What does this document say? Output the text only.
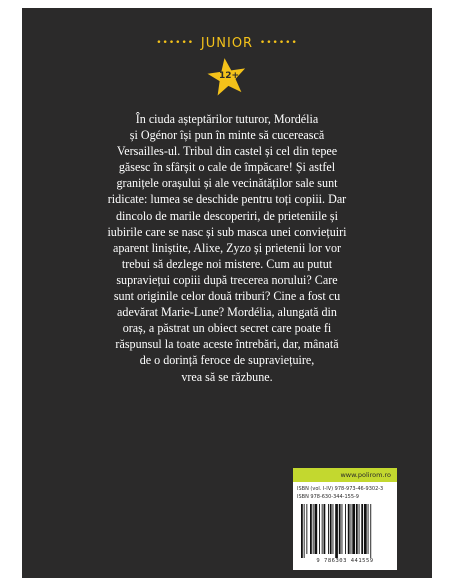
•••••• JUNIOR ••••••
12+

În ciuda așteptărilor tuturor, Mordélia
și Ogénor își pun în minte să cucerească
Versailles-ul. Tribul din castel și cel din tepee
găsesc în sfârșit o cale de împăcare! Și astfel
granițele orașului și ale vecinătăților sale sunt
ridicate: lumea se deschide pentru toți copiii. Dar
dincolo de marile descoperiri, de prieteniile și
iubirile care se nasc și sub masca unei conviețuiri
aparent liniștite, Alixe, Zyzo și prietenii lor vor
trebui să dezlege noi mistere. Cum au putut
supraviețui copiii după trecerea norului? Care
sunt originile celor două triburi? Cine a fost cu
adevărat Marie-Lune? Mordélia, alungată din
oraș, a păstrat un obiect secret care poate fi
răspunsul la toate aceste întrebări, dar, mânată
de o dorință feroce de supraviețuire,
vrea să se răzbune.

www.polirom.ro
ISBN (vol. I-IV) 978-973-46-9302-3
ISBN 978-630-344-155-9
9 786303 441559
